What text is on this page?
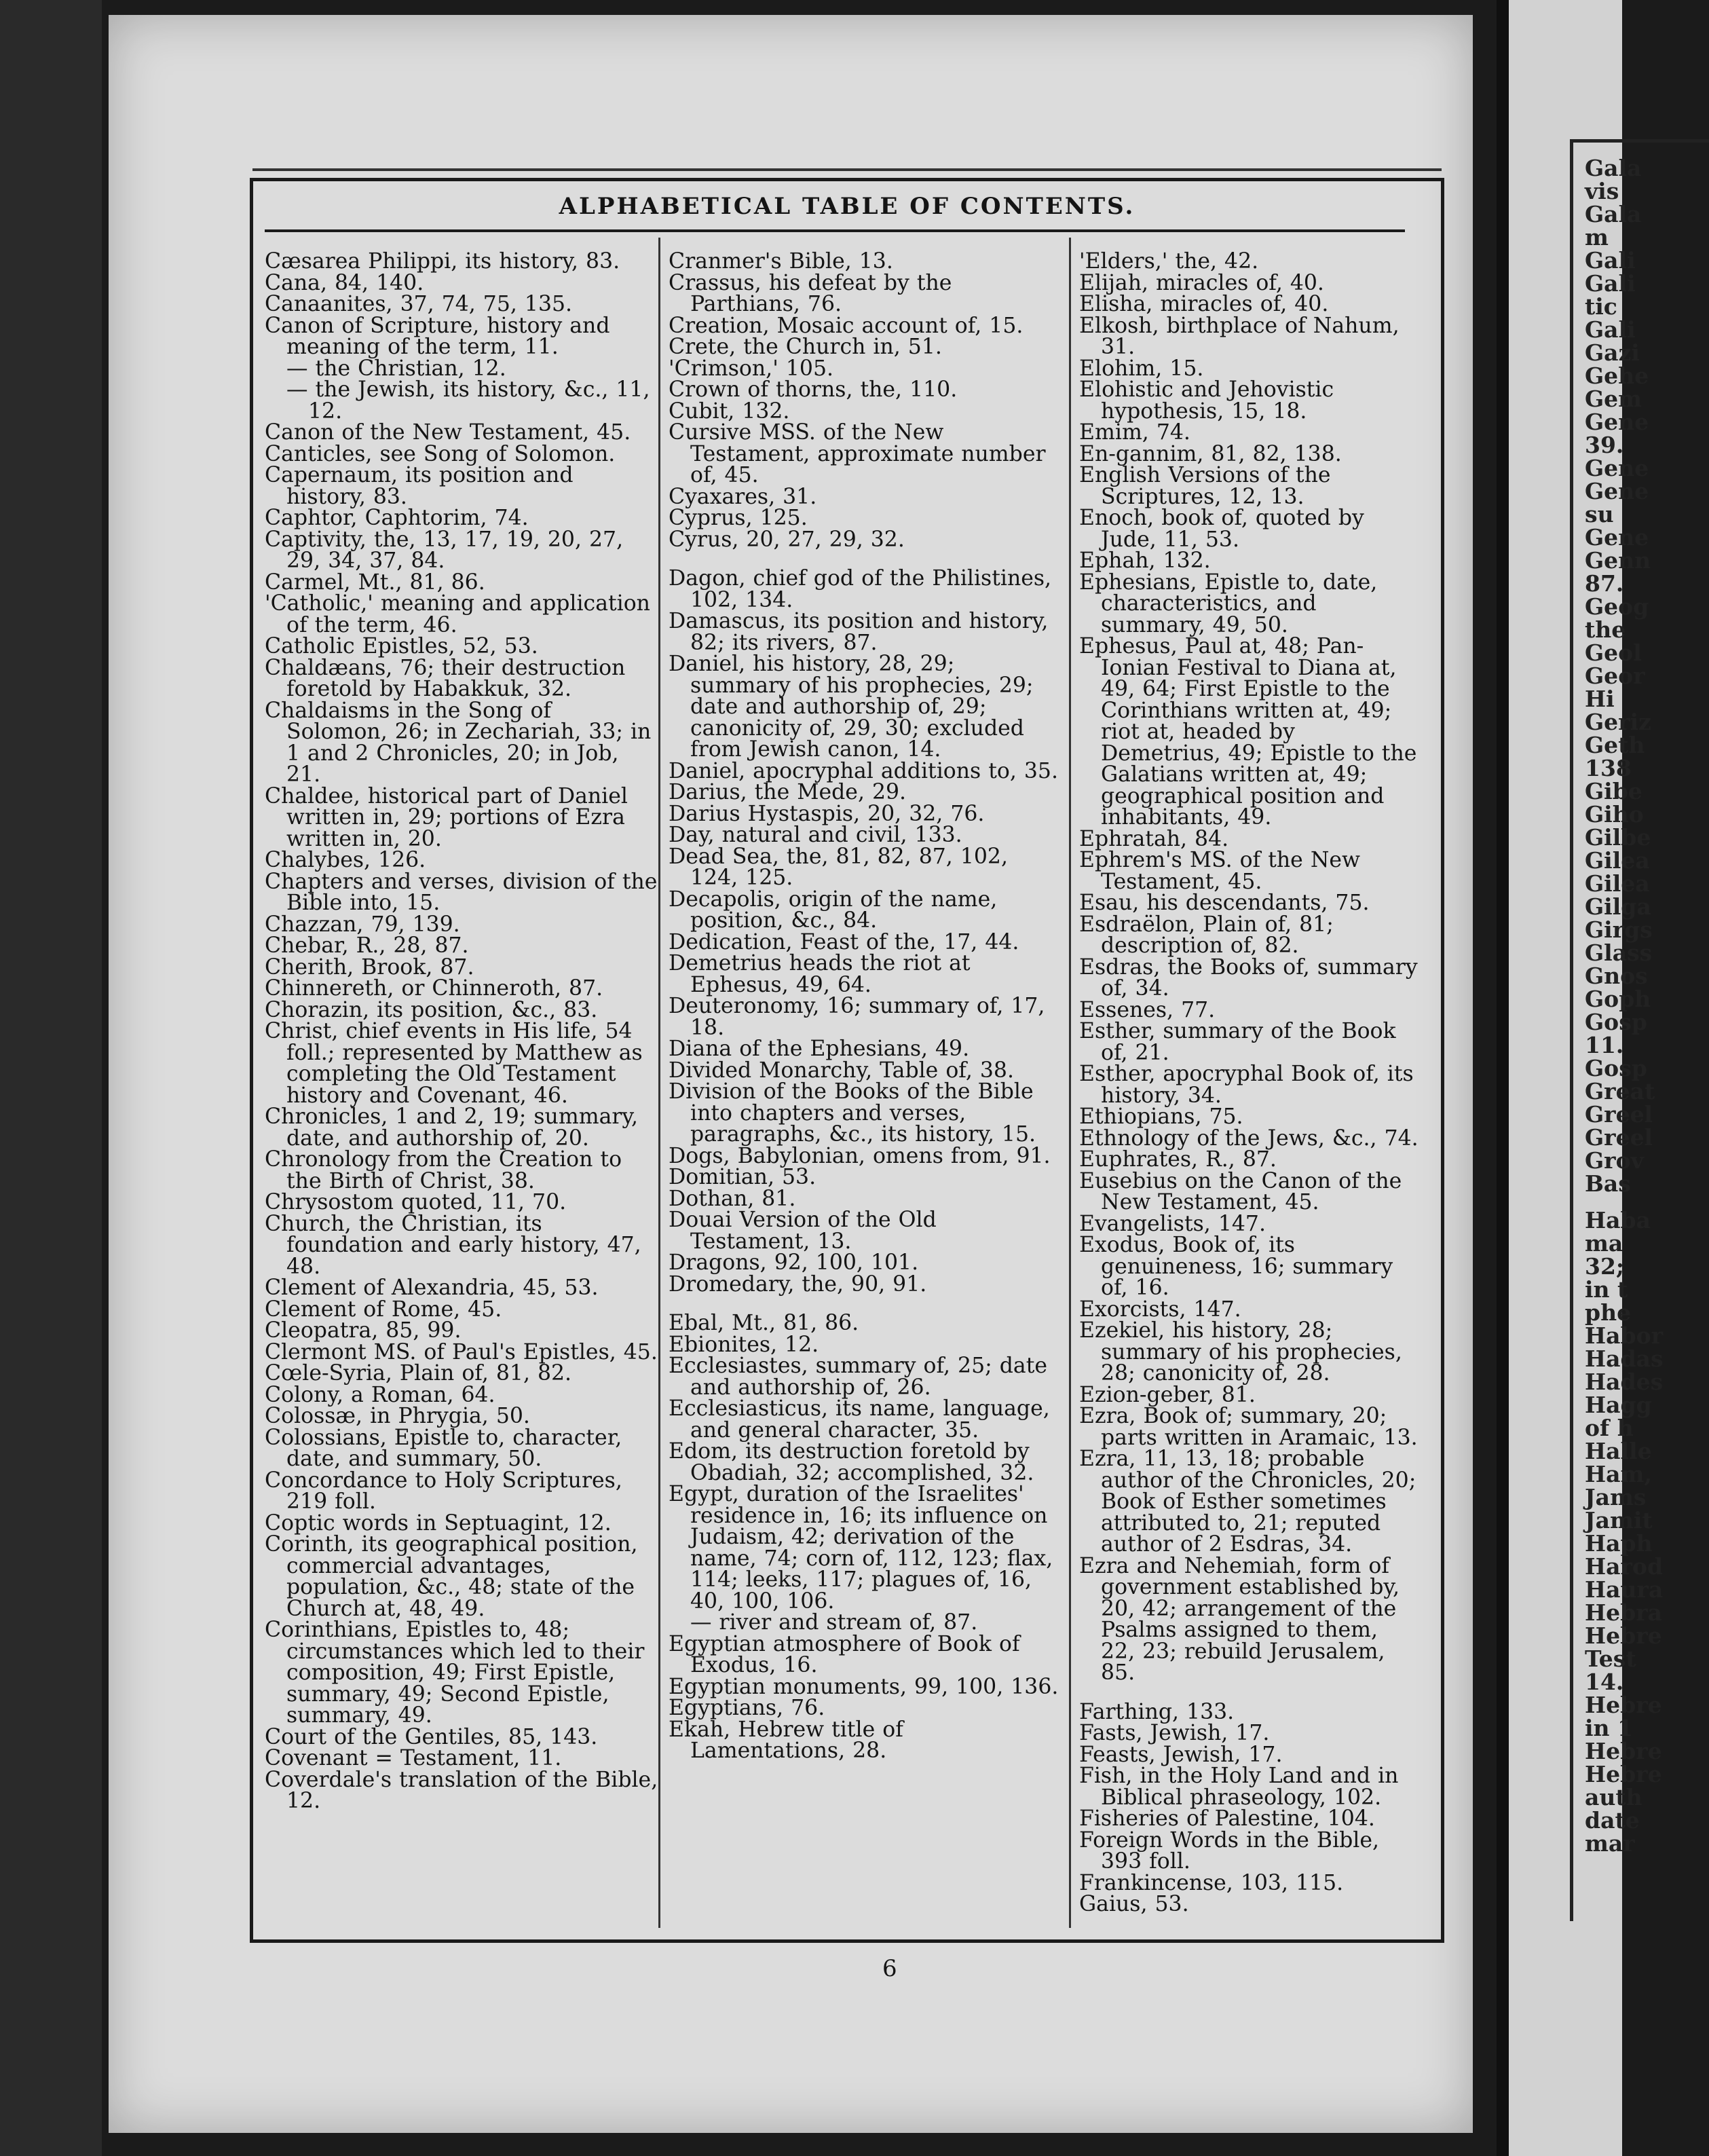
Gala
vis
Gala
m
Gali
Gali
tic
Gali
Gazi
Gehe
Gem
Gene
39.
Gene
Gene
su
Gene
Genn
87.
Geog
the
Geol
Geor
Hi
Geriz
Geth
138
Gibe
Giho
Gilbe
Gilea
Gilea
Gilga
Girgs
Glass
Gnos
Goph
Gosp
11.
Gosp
Great
Greel
Greel
Grov
Bas
Haba
ma
32;
in t
phe
Habor
Hadas
Hades
Hagg
of h
Halle
Ham,
Jams
Jamit
Haph
Harod
Haura
Hebra
Hebre
Test
14.
Hebre
in 1
Hebre
Hebre
auth
date
mar
ALPHABETICAL TABLE OF CONTENTS.

Cæsarea Philippi, its history, 83.

Cana, 84, 140.

Canaanites, 37, 74, 75, 135.

Canon of Scripture, history and meaning of the term, 11.

— the Christian, 12.

— the Jewish, its history, &c., 11, 12.

Canon of the New Testament, 45.

Canticles, see Song of Solomon.

Capernaum, its position and history, 83.

Caphtor, Caphtorim, 74.

Captivity, the, 13, 17, 19, 20, 27, 29, 34, 37, 84.

Carmel, Mt., 81, 86.

'Catholic,' meaning and application of the term, 46.

Catholic Epistles, 52, 53.

Chaldæans, 76; their destruction foretold by Habakkuk, 32.

Chaldaisms in the Song of Solomon, 26; in Zechariah, 33; in 1 and 2 Chronicles, 20; in Job, 21.

Chaldee, historical part of Daniel written in, 29; portions of Ezra written in, 20.

Chalybes, 126.

Chapters and verses, division of the Bible into, 15.

Chazzan, 79, 139.

Chebar, R., 28, 87.

Cherith, Brook, 87.

Chinnereth, or Chinneroth, 87.

Chorazin, its position, &c., 83.

Christ, chief events in His life, 54 foll.; represented by Matthew as completing the Old Testament history and Covenant, 46.

Chronicles, 1 and 2, 19; summary, date, and authorship of, 20.

Chronology from the Creation to the Birth of Christ, 38.

Chrysostom quoted, 11, 70.

Church, the Christian, its foundation and early history, 47, 48.

Clement of Alexandria, 45, 53.

Clement of Rome, 45.

Cleopatra, 85, 99.

Clermont MS. of Paul's Epistles, 45.

Cœle-Syria, Plain of, 81, 82.

Colony, a Roman, 64.

Colossæ, in Phrygia, 50.

Colossians, Epistle to, character, date, and summary, 50.

Concordance to Holy Scriptures, 219 foll.

Coptic words in Septuagint, 12.

Corinth, its geographical position, commercial advantages, population, &c., 48; state of the Church at, 48, 49.

Corinthians, Epistles to, 48; circumstances which led to their composition, 49; First Epistle, summary, 49; Second Epistle, summary, 49.

Court of the Gentiles, 85, 143.

Covenant = Testament, 11.

Coverdale's translation of the Bible, 12.

Cranmer's Bible, 13.

Crassus, his defeat by the Parthians, 76.

Creation, Mosaic account of, 15.

Crete, the Church in, 51.

'Crimson,' 105.

Crown of thorns, the, 110.

Cubit, 132.

Cursive MSS. of the New Testament, approximate number of, 45.

Cyaxares, 31.

Cyprus, 125.

Cyrus, 20, 27, 29, 32.

Dagon, chief god of the Philistines, 102, 134.

Damascus, its position and history, 82; its rivers, 87.

Daniel, his history, 28, 29; summary of his prophecies, 29; date and authorship of, 29; canonicity of, 29, 30; excluded from Jewish canon, 14.

Daniel, apocryphal additions to, 35.

Darius, the Mede, 29.

Darius Hystaspis, 20, 32, 76.

Day, natural and civil, 133.

Dead Sea, the, 81, 82, 87, 102, 124, 125.

Decapolis, origin of the name, position, &c., 84.

Dedication, Feast of the, 17, 44.

Demetrius heads the riot at Ephesus, 49, 64.

Deuteronomy, 16; summary of, 17, 18.

Diana of the Ephesians, 49.

Divided Monarchy, Table of, 38.

Division of the Books of the Bible into chapters and verses, paragraphs, &c., its history, 15.

Dogs, Babylonian, omens from, 91.

Domitian, 53.

Dothan, 81.

Douai Version of the Old Testament, 13.

Dragons, 92, 100, 101.

Dromedary, the, 90, 91.

Ebal, Mt., 81, 86.

Ebionites, 12.

Ecclesiastes, summary of, 25; date and authorship of, 26.

Ecclesiasticus, its name, language, and general character, 35.

Edom, its destruction foretold by Obadiah, 32; accomplished, 32.

Egypt, duration of the Israelites' residence in, 16; its influence on Judaism, 42; derivation of the name, 74; corn of, 112, 123; flax, 114; leeks, 117; plagues of, 16, 40, 100, 106.

— river and stream of, 87.

Egyptian atmosphere of Book of Exodus, 16.

Egyptian monuments, 99, 100, 136.

Egyptians, 76.

Ekah, Hebrew title of Lamentations, 28.

'Elders,' the, 42.

Elijah, miracles of, 40.

Elisha, miracles of, 40.

Elkosh, birthplace of Nahum, 31.

Elohim, 15.

Elohistic and Jehovistic hypothesis, 15, 18.

Emim, 74.

En-gannim, 81, 82, 138.

English Versions of the Scriptures, 12, 13.

Enoch, book of, quoted by Jude, 11, 53.

Ephah, 132.

Ephesians, Epistle to, date, characteristics, and summary, 49, 50.

Ephesus, Paul at, 48; Pan-Ionian Festival to Diana at, 49, 64; First Epistle to the Corinthians written at, 49; riot at, headed by Demetrius, 49; Epistle to the Galatians written at, 49; geographical position and inhabitants, 49.

Ephratah, 84.

Ephrem's MS. of the New Testament, 45.

Esau, his descendants, 75.

Esdraëlon, Plain of, 81; description of, 82.

Esdras, the Books of, summary of, 34.

Essenes, 77.

Esther, summary of the Book of, 21.

Esther, apocryphal Book of, its history, 34.

Ethiopians, 75.

Ethnology of the Jews, &c., 74.

Euphrates, R., 87.

Eusebius on the Canon of the New Testament, 45.

Evangelists, 147.

Exodus, Book of, its genuineness, 16; summary of, 16.

Exorcists, 147.

Ezekiel, his history, 28; summary of his prophecies, 28; canonicity of, 28.

Ezion-geber, 81.

Ezra, Book of; summary, 20; parts written in Aramaic, 13.

Ezra, 11, 13, 18; probable author of the Chronicles, 20; Book of Esther sometimes attributed to, 21; reputed author of 2 Esdras, 34.

Ezra and Nehemiah, form of government established by, 20, 42; arrangement of the Psalms assigned to them, 22, 23; rebuild Jerusalem, 85.

Farthing, 133.

Fasts, Jewish, 17.

Feasts, Jewish, 17.

Fish, in the Holy Land and in Biblical phraseology, 102.

Fisheries of Palestine, 104.

Foreign Words in the Bible, 393 foll.

Frankincense, 103, 115.

Gaius, 53.

6
